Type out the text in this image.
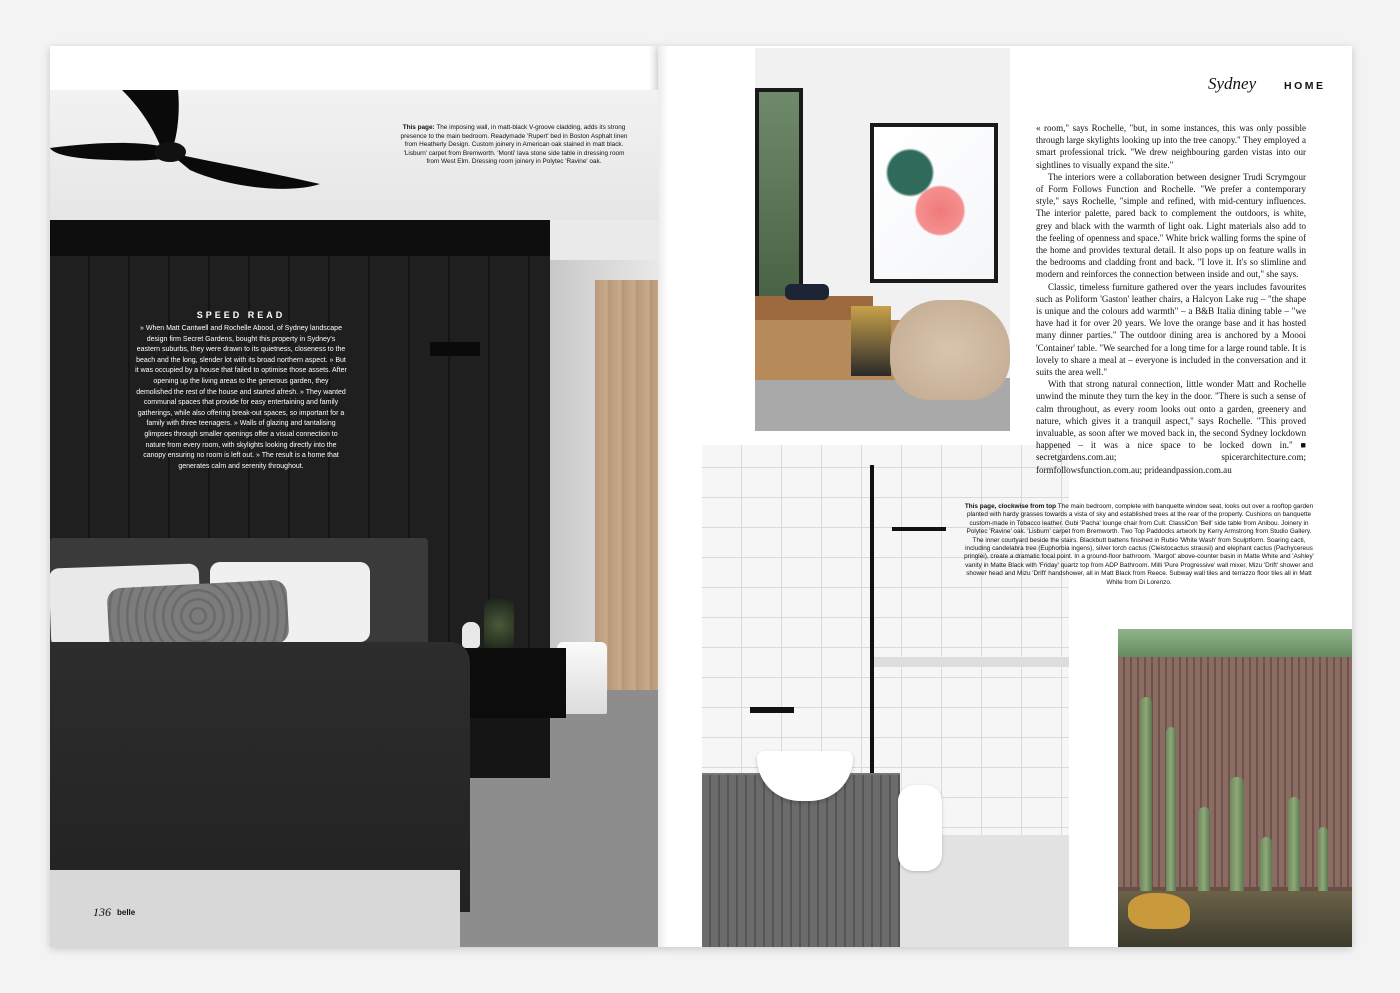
This page: The imposing wall, in matt-black V-groove cladding, adds its strong presence to the main bedroom. Readymade 'Rupert' bed in Boston Asphalt linen from Heatherly Design. Custom joinery in American oak stained in matt black. 'Lisburn' carpet from Bremworth. 'Monti' lava stone side table in dressing room from West Elm. Dressing room joinery in Polytec 'Ravine' oak.
SPEED READ
» When Matt Cantwell and Rochelle Abood, of Sydney landscape design firm Secret Gardens, bought this property in Sydney's eastern suburbs, they were drawn to its quietness, closeness to the beach and the long, slender lot with its broad northern aspect. » But it was occupied by a house that failed to optimise those assets. After opening up the living areas to the generous garden, they demolished the rest of the house and started afresh. » They wanted communal spaces that provide for easy entertaining and family gatherings, while also offering break-out spaces, so important for a family with three teenagers. » Walls of glazing and tantalising glimpses through smaller openings offer a visual connection to nature from every room, with skylights looking directly into the canopy ensuring no room is left out. » The result is a home that generates calm and serenity throughout.
136 belle
Sydney	HOME

« room," says Rochelle, "but, in some instances, this was only possible through large skylights looking up into the tree canopy." They employed a smart professional trick. "We drew neighbouring garden vistas into our sightlines to visually expand the site."

The interiors were a collaboration between designer Trudi Scrymgour of Form Follows Function and Rochelle. "We prefer a contemporary style," says Rochelle, "simple and refined, with mid-century influences. The interior palette, pared back to complement the outdoors, is white, grey and black with the warmth of light oak. Light materials also add to the feeling of openness and space." White brick walling forms the spine of the home and provides textural detail. It also pops up on feature walls in the bedrooms and cladding front and back. "I love it. It's so slimline and modern and reinforces the connection between inside and out," she says.

Classic, timeless furniture gathered over the years includes favourites such as Poliform 'Gaston' leather chairs, a Halcyon Lake rug – "the shape is unique and the colours add warmth" – a B&B Italia dining table – "we have had it for over 20 years. We love the orange base and it has hosted many dinner parties." The outdoor dining area is anchored by a Moooi 'Container' table. "We searched for a long time for a large round table. It is lovely to share a meal at – everyone is included in the conversation and it suits the area well."

With that strong natural connection, little wonder Matt and Rochelle unwind the minute they turn the key in the door. "There is such a sense of calm throughout, as every room looks out onto a garden, greenery and nature, which gives it a tranquil aspect," says Rochelle. "This proved invaluable, as soon after we moved back in, the second Sydney lockdown happened – it was a nice space to be locked down in." ■ secretgardens.com.au; spicerarchitecture.com; formfollowsfunction.com.au; prideandpassion.com.au

This page, clockwise from top The main bedroom, complete with banquette window seat, looks out over a rooftop garden planted with hardy grasses towards a vista of sky and established trees at the rear of the property. Cushions on banquette custom-made in Tobacco leather. Gubi 'Pacha' lounge chair from Cult. ClassiCon 'Bell' side table from Anibou. Joinery in Polytec 'Ravine' oak. 'Lisburn' carpet from Bremworth. Two Top Paddocks artwork by Kerry Armstrong from Studio Gallery. The inner courtyard beside the stairs. Blackbutt battens finished in Rubio 'White Wash' from Sculptform. Soaring cacti, including candelabra tree (Euphorbia ingens), silver torch cactus (Cleistocactus strausii) and elephant cactus (Pachycereus pringlei), create a dramatic focal point. In a ground-floor bathroom. 'Margot' above-counter basin in Matte White and 'Ashley' vanity in Matte Black with 'Friday' quartz top from ADP Bathroom. Milli 'Pure Progressive' wall mixer, Mizu 'Drift' shower and shower head and Mizu 'Drift' handshower, all in Matt Black from Reece. Subway wall tiles and terrazzo floor tiles all in Matt White from Di Lorenzo.
